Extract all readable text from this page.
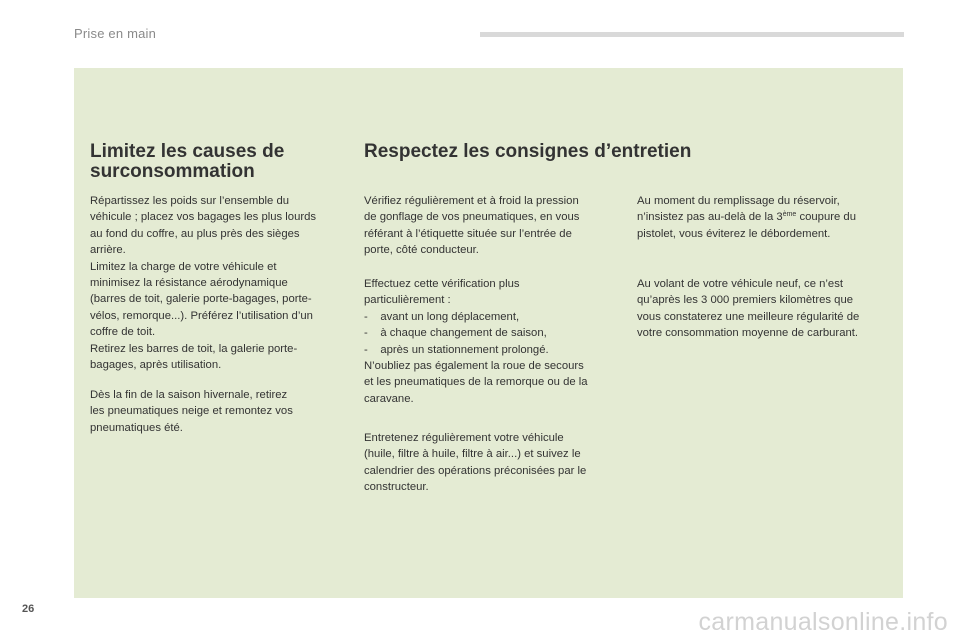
Prise en main
Limitez les causes de
surconsommation
Répartissez les poids sur l’ensemble du
véhicule ; placez vos bagages les plus lourds
au fond du coffre, au plus près des sièges
arrière.
Limitez la charge de votre véhicule et
minimisez la résistance aérodynamique
(barres de toit, galerie porte-bagages, porte-
vélos, remorque...). Préférez l’utilisation d’un
coffre de toit.
Retirez les barres de toit, la galerie porte-
bagages, après utilisation.
Dès la fin de la saison hivernale, retirez
les pneumatiques neige et remontez vos
pneumatiques été.
Respectez les consignes d’entretien
Vérifiez régulièrement et à froid la pression
de gonflage de vos pneumatiques, en vous
référant à l’étiquette située sur l’entrée de
porte, côté conducteur.
Effectuez cette vérification plus
particulièrement :
-    avant un long déplacement,
-    à chaque changement de saison,
-    après un stationnement prolongé.
N’oubliez pas également la roue de secours
et les pneumatiques de la remorque ou de la
caravane.
Entretenez régulièrement votre véhicule
(huile, filtre à huile, filtre à air...) et suivez le
calendrier des opérations préconisées par le
constructeur.
Au moment du remplissage du réservoir,
n’insistez pas au-delà de la 3ème coupure du
pistolet, vous éviterez le débordement.
Au volant de votre véhicule neuf, ce n’est
qu’après les 3 000 premiers kilomètres que
vous constaterez une meilleure régularité de
votre consommation moyenne de carburant.
26	carmanualsonline.info
